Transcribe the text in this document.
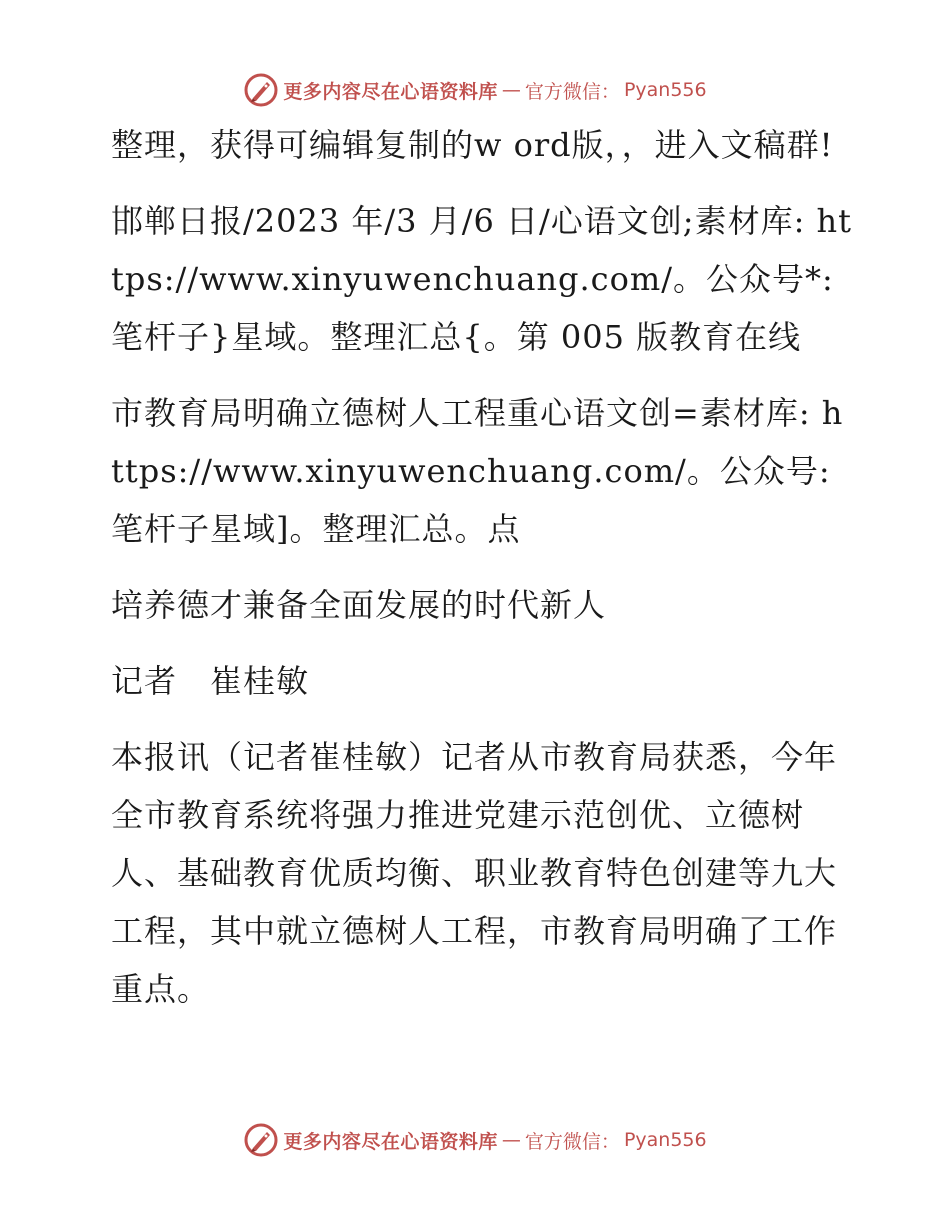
更多内容尽在心语资料库 — 官方微信： Pyan556

整理，获得可编辑复制的w ord版，，进入文稿群!

邯郸日报/2023 年/3 月/6 日/心语文创;素材库: https://www.xinyuwenchuang.com/。公众号*: 笔杆子}星域。整理汇总{。第 005 版教育在线

市教育局明确立德树人工程重心语文创=素材库: https://www.xinyuwenchuang.com/。公众号: 笔杆子星域]。整理汇总。点

培养德才兼备全面发展的时代新人

记者　崔桂敏

本报讯（记者崔桂敏）记者从市教育局获悉，今年全市教育系统将强力推进党建示范创优、立德树人、基础教育优质均衡、职业教育特色创建等九大工程，其中就立德树人工程，市教育局明确了工作重点。

更多内容尽在心语资料库 — 官方微信： Pyan556
